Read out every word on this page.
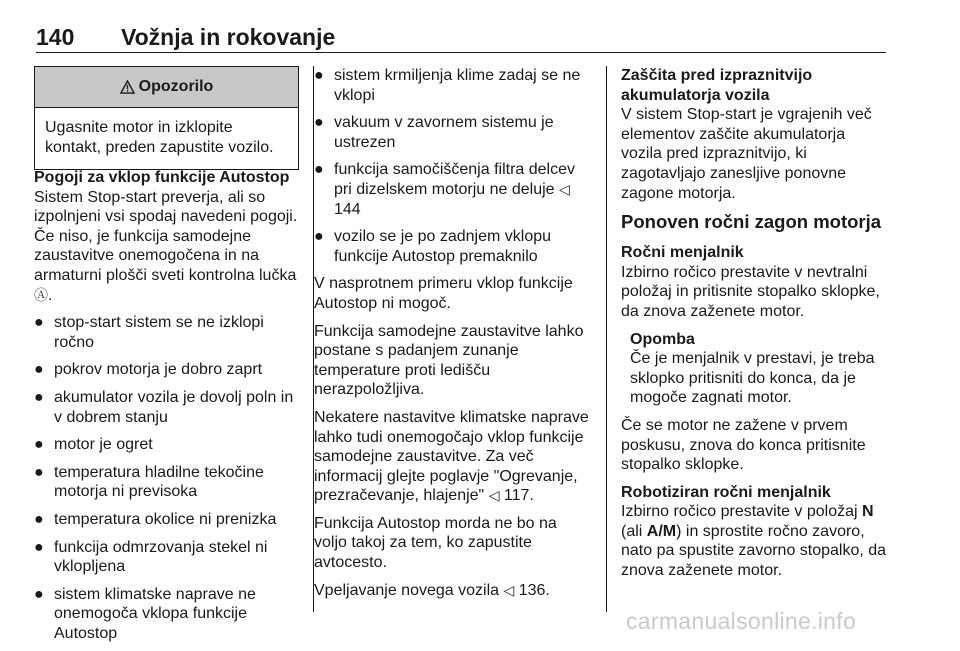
140 Vožnja in rokovanje
Opozorilo
Ugasnite motor in izklopite kontakt, preden zapustite vozilo.

Pogoji za vklop funkcije Autostop

Sistem Stop-start preverja, ali so izpolnjeni vsi spodaj navedeni pogoji. Če niso, je funkcija samodejne zaustavitve onemogočena in na armaturni plošči sveti kontrolna lučka Ⓐ.

● stop-start sistem se ne izklopi ročno
● pokrov motorja je dobro zaprt
● akumulator vozila je dovolj poln in v dobrem stanju
● motor je ogret
● temperatura hladilne tekočine motorja ni previsoka
● temperatura okolice ni prenizka
● funkcija odmrzovanja stekel ni vklopljena
● sistem klimatske naprave ne onemogoča vklopa funkcije Autostop
● sistem krmiljenja klime zadaj se ne vklopi
● vakuum v zavornem sistemu je ustrezen
● funkcija samočiščenja filtra delcev pri dizelskem motorju ne deluje ◁ 144
● vozilo se je po zadnjem vklopu funkcije Autostop premaknilo

V nasprotnem primeru vklop funkcije Autostop ni mogoč.

Funkcija samodejne zaustavitve lahko postane s padanjem zunanje temperature proti ledišču nerazpoložljiva.

Nekatere nastavitve klimatske naprave lahko tudi onemogočajo vklop funkcije samodejne zaustavitve. Za več informacij glejte poglavje "Ogrevanje, prezračevanje, hlajenje" ◁ 117.

Funkcija Autostop morda ne bo na voljo takoj za tem, ko zapustite avtocesto.

Vpeljavanje novega vozila ◁ 136.

Zaščita pred izpraznitvijo akumulatorja vozila

V sistem Stop-start je vgrajenih več elementov zaščite akumulatorja vozila pred izpraznitvijo, ki zagotavljajo zanesljive ponovne zagone motorja.

Ponoven ročni zagon motorja

Ročni menjalnik

Izbirno ročico prestavite v nevtralni položaj in pritisnite stopalko sklopke, da znova zaženete motor.

Opomba

Če je menjalnik v prestavi, je treba sklopko pritisniti do konca, da je mogoče zagnati motor.

Če se motor ne zažene v prvem poskusu, znova do konca pritisnite stopalko sklopke.

Robotiziran ročni menjalnik

Izbirno ročico prestavite v položaj N
(ali A/M) in sprostite ročno zavoro, nato pa spustite zavorno stopalko, da znova zaženete motor.

carmanualsonline.info
